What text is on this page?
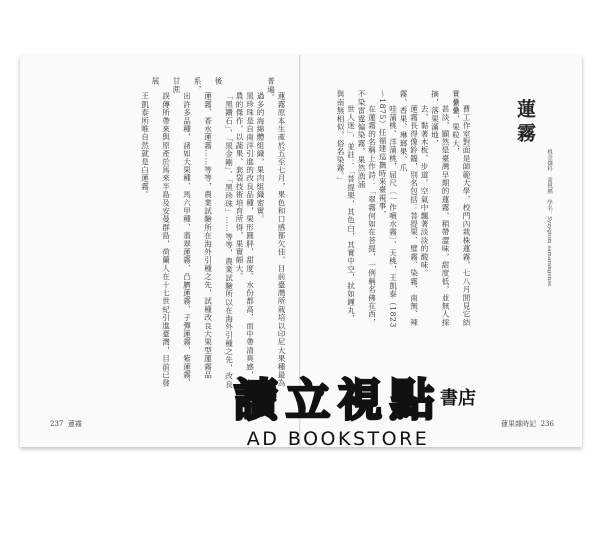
蓮霧原本生產於五至七月，果色和口感都欠佳，目前臺灣所栽培以印尼大果種最為普遍。

過多的海綿體組織，果肉組織密實。

黑珍珠是自南洋引進的改良品種，果形圓胖，甜度、水份都高，而中帶清爽感，無

農的傑作，以蔬果、套袋技術培育所得，果實頗大。

「黑鑽石」、「黑金剛」、「黑珍珠」……等等，農業試驗所以在海外引種之先，改良後

蓮霧、香水蓮霧……等等，農業試驗所在海外引種之先，試種改良大果型蓮霧品系，

出許多品種，諸如大果種、馬六甲種、翡翠蓮霧、凸臍蓮霧、子彈蓮霧、紫蓮霧、甘蔗

誤傳所帶來與原產於馬來半島及安曼群島，荷蘭人在十七世紀引進臺灣，目前已發展

王凱泰所唯自然就是白蓮霧。

237 蓮霧
蓮霧
桃金孃科　蒲桃屬　學名：Syzygium samarangense

曹工作室對面是師範大學，校門內栽株蓮霧，七八月間見它結實纍纍，果粒大，

甚淡，顯然是臺灣早期的蓮霧，稍帶澀味，甜度低，並無人採摘，落果滿地，

去，黏著木板、步道，空氣中飄著淡淡的酸味。

蓮霧長得像鈴鐺，別名包括：菩提果、璧霧、染霧、南無、辣霧、香果、琳瑯果、爪

哇蒲桃、洋蒲桃，屈尺〔一作噴水霧〕、天桃，王凱泰（1823～1875）任福建巡撫時來臺視事，

在蓮霧的名稱上作詩：「翠霧何如在菩提，一例稱名佛在西，不染雷霆偏染霧，果然漁浦

世人迷」，並註：「菩提果，其色白，其實中空，狀如鐘丸，與南無相似，俗名染霧。」

蓮果雜時記 236
讀立視點
書店
AD BOOKSTORE
